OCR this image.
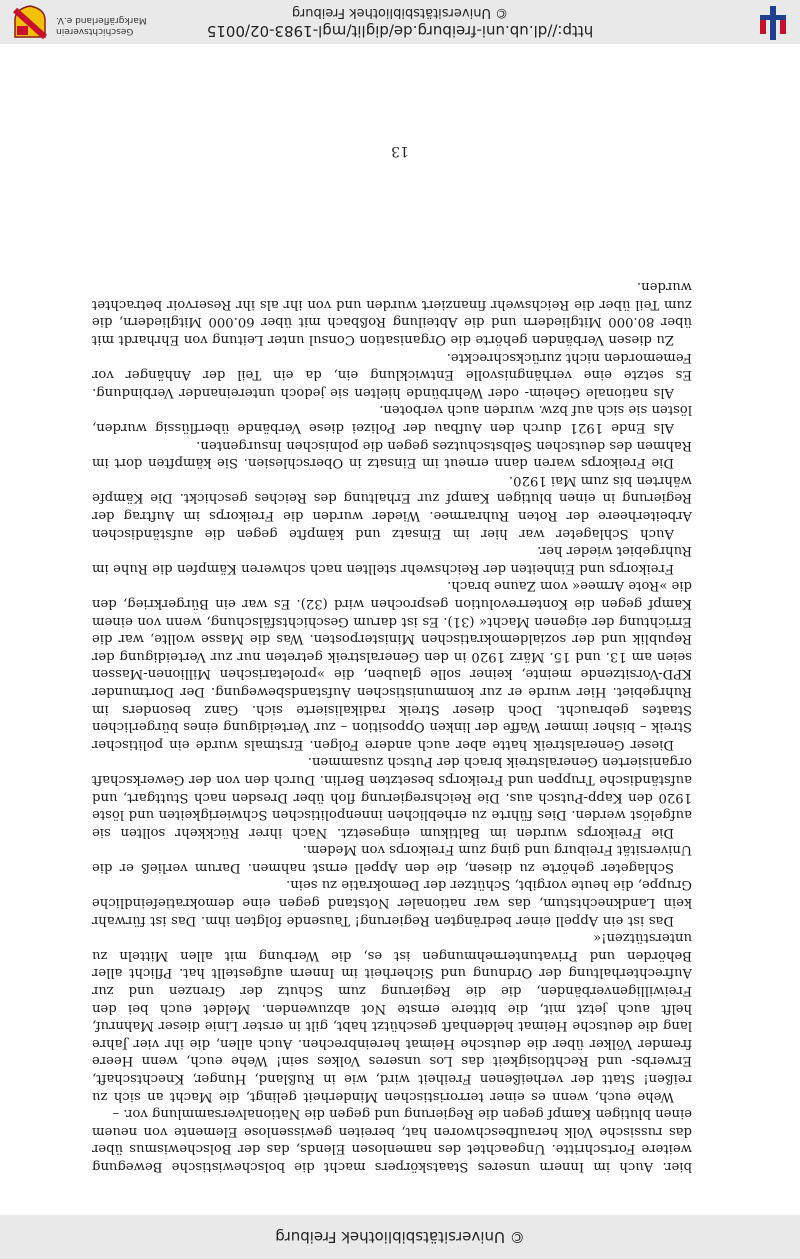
© Universitätsbibliothek Freiburg

bier. Auch im Innern unseres Staatskörpers macht die bolschewistische Bewegung weitere Fortschritte. Ungeachtet des namenlosen Elends, das der Bolschewismus über das russische Volk heraufbeschworen hat, bereiten gewissenlose Elemente von neuem einen blutigen Kampf gegen die Regierung und gegen die Nationalversammlung vor. –

Wehe euch, wenn es einer terroristischen Minderheit gelingt, die Macht an sich zu reißen! Statt der verheißenen Freiheit wird, wie in Rußland, Hunger, Knechtschaft, Erwerbs- und Rechtlosigkeit das Los unseres Volkes sein! Wehe euch, wenn Heere fremder Völker über die deutsche Heimat hereinbrechen. Auch allen, die ihr vier Jahre lang die deutsche Heimat heldenhaft geschützt habt, gilt in erster Linie dieser Mahnruf, helft auch jetzt mit, die bittere ernste Not abzuwenden. Meldet euch bei den Freiwilligenverbänden, die die Regierung zum Schutz der Grenzen und zur Aufrechterhaltung der Ordnung und Sicherheit im Innern aufgestellt hat. Pflicht aller Behörden und Privatunternehmungen ist es, die Werbung mit allen Mitteln zu unterstützen!«

Das ist ein Appell einer bedrängten Regierung! Tausende folgten ihm. Das ist fürwahr kein Landknechtstum, das war nationaler Notstand gegen eine demokratiefeindliche Gruppe, die heute vorgibt, Schützer der Demokratie zu sein.

Schlageter gehörte zu diesen, die den Appell ernst nahmen. Darum verließ er die Universität Freiburg und ging zum Freikorps von Medem.

Die Freikorps wurden im Baltikum eingesetzt. Nach ihrer Rückkehr sollten sie aufgelöst werden. Dies führte zu erheblichen innenpolitischen Schwierigkeiten und löste 1920 den Kapp-Putsch aus. Die Reichsregierung floh über Dresden nach Stuttgart, und aufständische Truppen und Freikorps besetzten Berlin. Durch den von der Gewerkschaft organisierten Generalstreik brach der Putsch zusammen.

Dieser Generalstreik hatte aber auch andere Folgen. Erstmals wurde ein politischer Streik – bisher immer Waffe der linken Opposition – zur Verteidigung eines bürgerlichen Staates gebraucht. Doch dieser Streik radikalisierte sich. Ganz besonders im Ruhrgebiet. Hier wurde er zur kommunistischen Aufstandsbewegung. Der Dortmunder KPD-Vorsitzende meinte, keiner solle glauben, die »proletarischen Millionen-Massen seien am 13. und 15. März 1920 in den Generalstreik getreten nur zur Verteidigung der Republik und der sozialdemokratischen Ministerposten. Was die Masse wollte, war die Errichtung der eigenen Macht« (31). Es ist darum Geschichtsfälschung, wenn von einem Kampf gegen die Konterrevolution gesprochen wird (32). Es war ein Bürgerkrieg, den die »Rote Armee« vom Zaune brach.

Freikorps und Einheiten der Reichswehr stellten nach schweren Kämpfen die Ruhe im Ruhrgebiet wieder her.

Auch Schlageter war hier im Einsatz und kämpfte gegen die aufständischen Arbeiterheere der Roten Ruhrarmee. Wieder wurden die Freikorps im Auftrag der Regierung in einen blutigen Kampf zur Erhaltung des Reiches geschickt. Die Kämpfe währten bis zum Mai 1920.

Die Freikorps waren dann erneut im Einsatz in Oberschlesien. Sie kämpften dort im Rahmen des deutschen Selbstschutzes gegen die polnischen Insurgenten.

Als Ende 1921 durch den Aufbau der Polizei diese Verbände überflüssig wurden, lösten sie sich auf bzw. wurden auch verboten.

Als nationale Geheim- oder Wehrbünde hielten sie jedoch untereinander Verbindung. Es setzte eine verhängnisvolle Entwicklung ein, da ein Teil der Anhänger vor Fememorden nicht zurückschreckte.

Zu diesen Verbänden gehörte die Organisation Consul unter Leitung von Ehrhardt mit über 80.000 Mitgliedern und die Abteilung Roßbach mit über 60.000 Mitgliedern, die zum Teil über die Reichswehr finanziert wurden und von ihr als ihr Reservoir betrachtet wurden.

13
http://dl.ub.uni-freiburg.de/diglit/mgl-1983-02/0015
© Universitätsbibliothek Freiburg
Geschichtsverein
Markgräflerland e.V.
